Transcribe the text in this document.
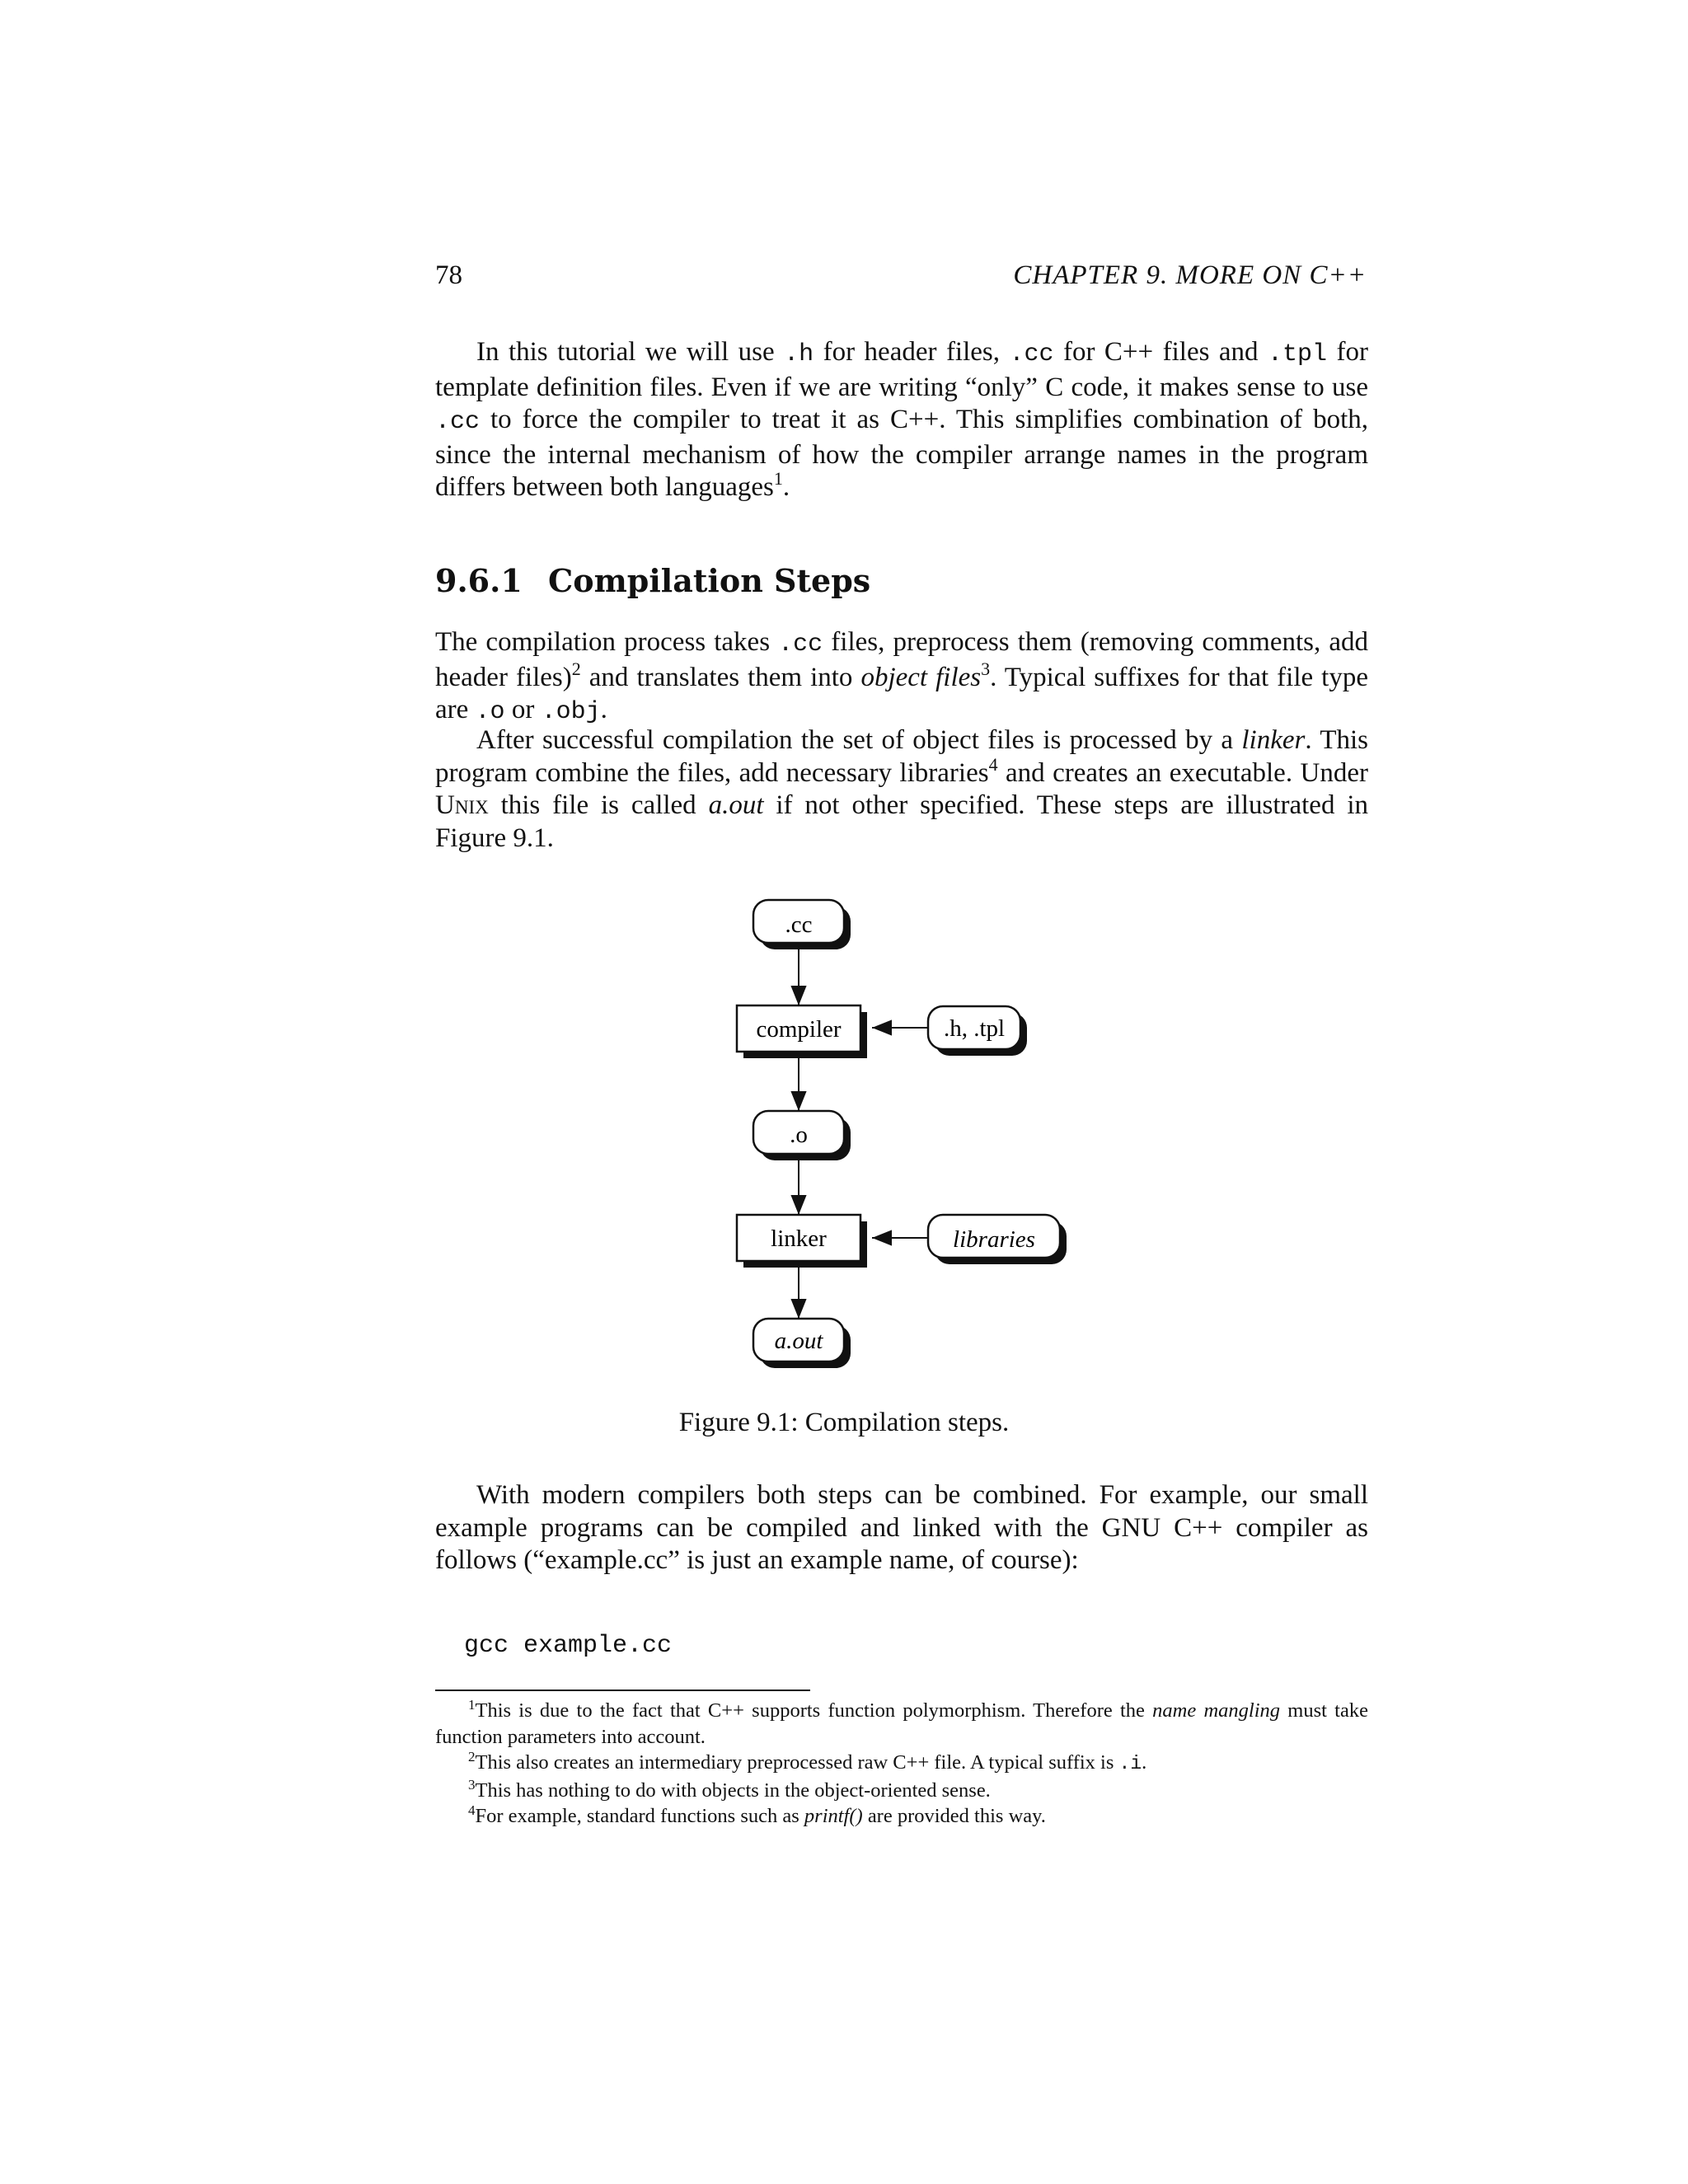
78	CHAPTER 9. MORE ON C++

In this tutorial we will use .h for header files, .cc for C++ files and .tpl for template definition files. Even if we are writing “only” C code, it makes sense to use .cc to force the compiler to treat it as C++. This simplifies combination of both, since the internal mechanism of how the compiler arrange names in the program differs between both languages$^1$.

9.6.1 Compilation Steps

The compilation process takes .cc files, preprocess them (removing comments, add header files)$^2$ and translates them into object files$^3$. Typical suffixes for that file type are .o or .obj.

After successful compilation the set of object files is processed by a linker. This program combine the files, add necessary libraries$^4$ and creates an executable. Under Unix this file is called a.out if not other specified. These steps are illustrated in Figure 9.1.

.cc
compiler	.h, .tpl
.o
linker	libraries
a.out
Figure 9.1: Compilation steps.

With modern compilers both steps can be combined. For example, our small example programs can be compiled and linked with the GNU C++ compiler as follows (“example.cc” is just an example name, of course):

gcc example.cc

$^1$This is due to the fact that C++ supports function polymorphism. Therefore the name mangling must take function parameters into account.

$^2$This also creates an intermediary preprocessed raw C++ file. A typical suffix is .i.

$^3$This has nothing to do with objects in the object-oriented sense.

$^4$For example, standard functions such as printf() are provided this way.
